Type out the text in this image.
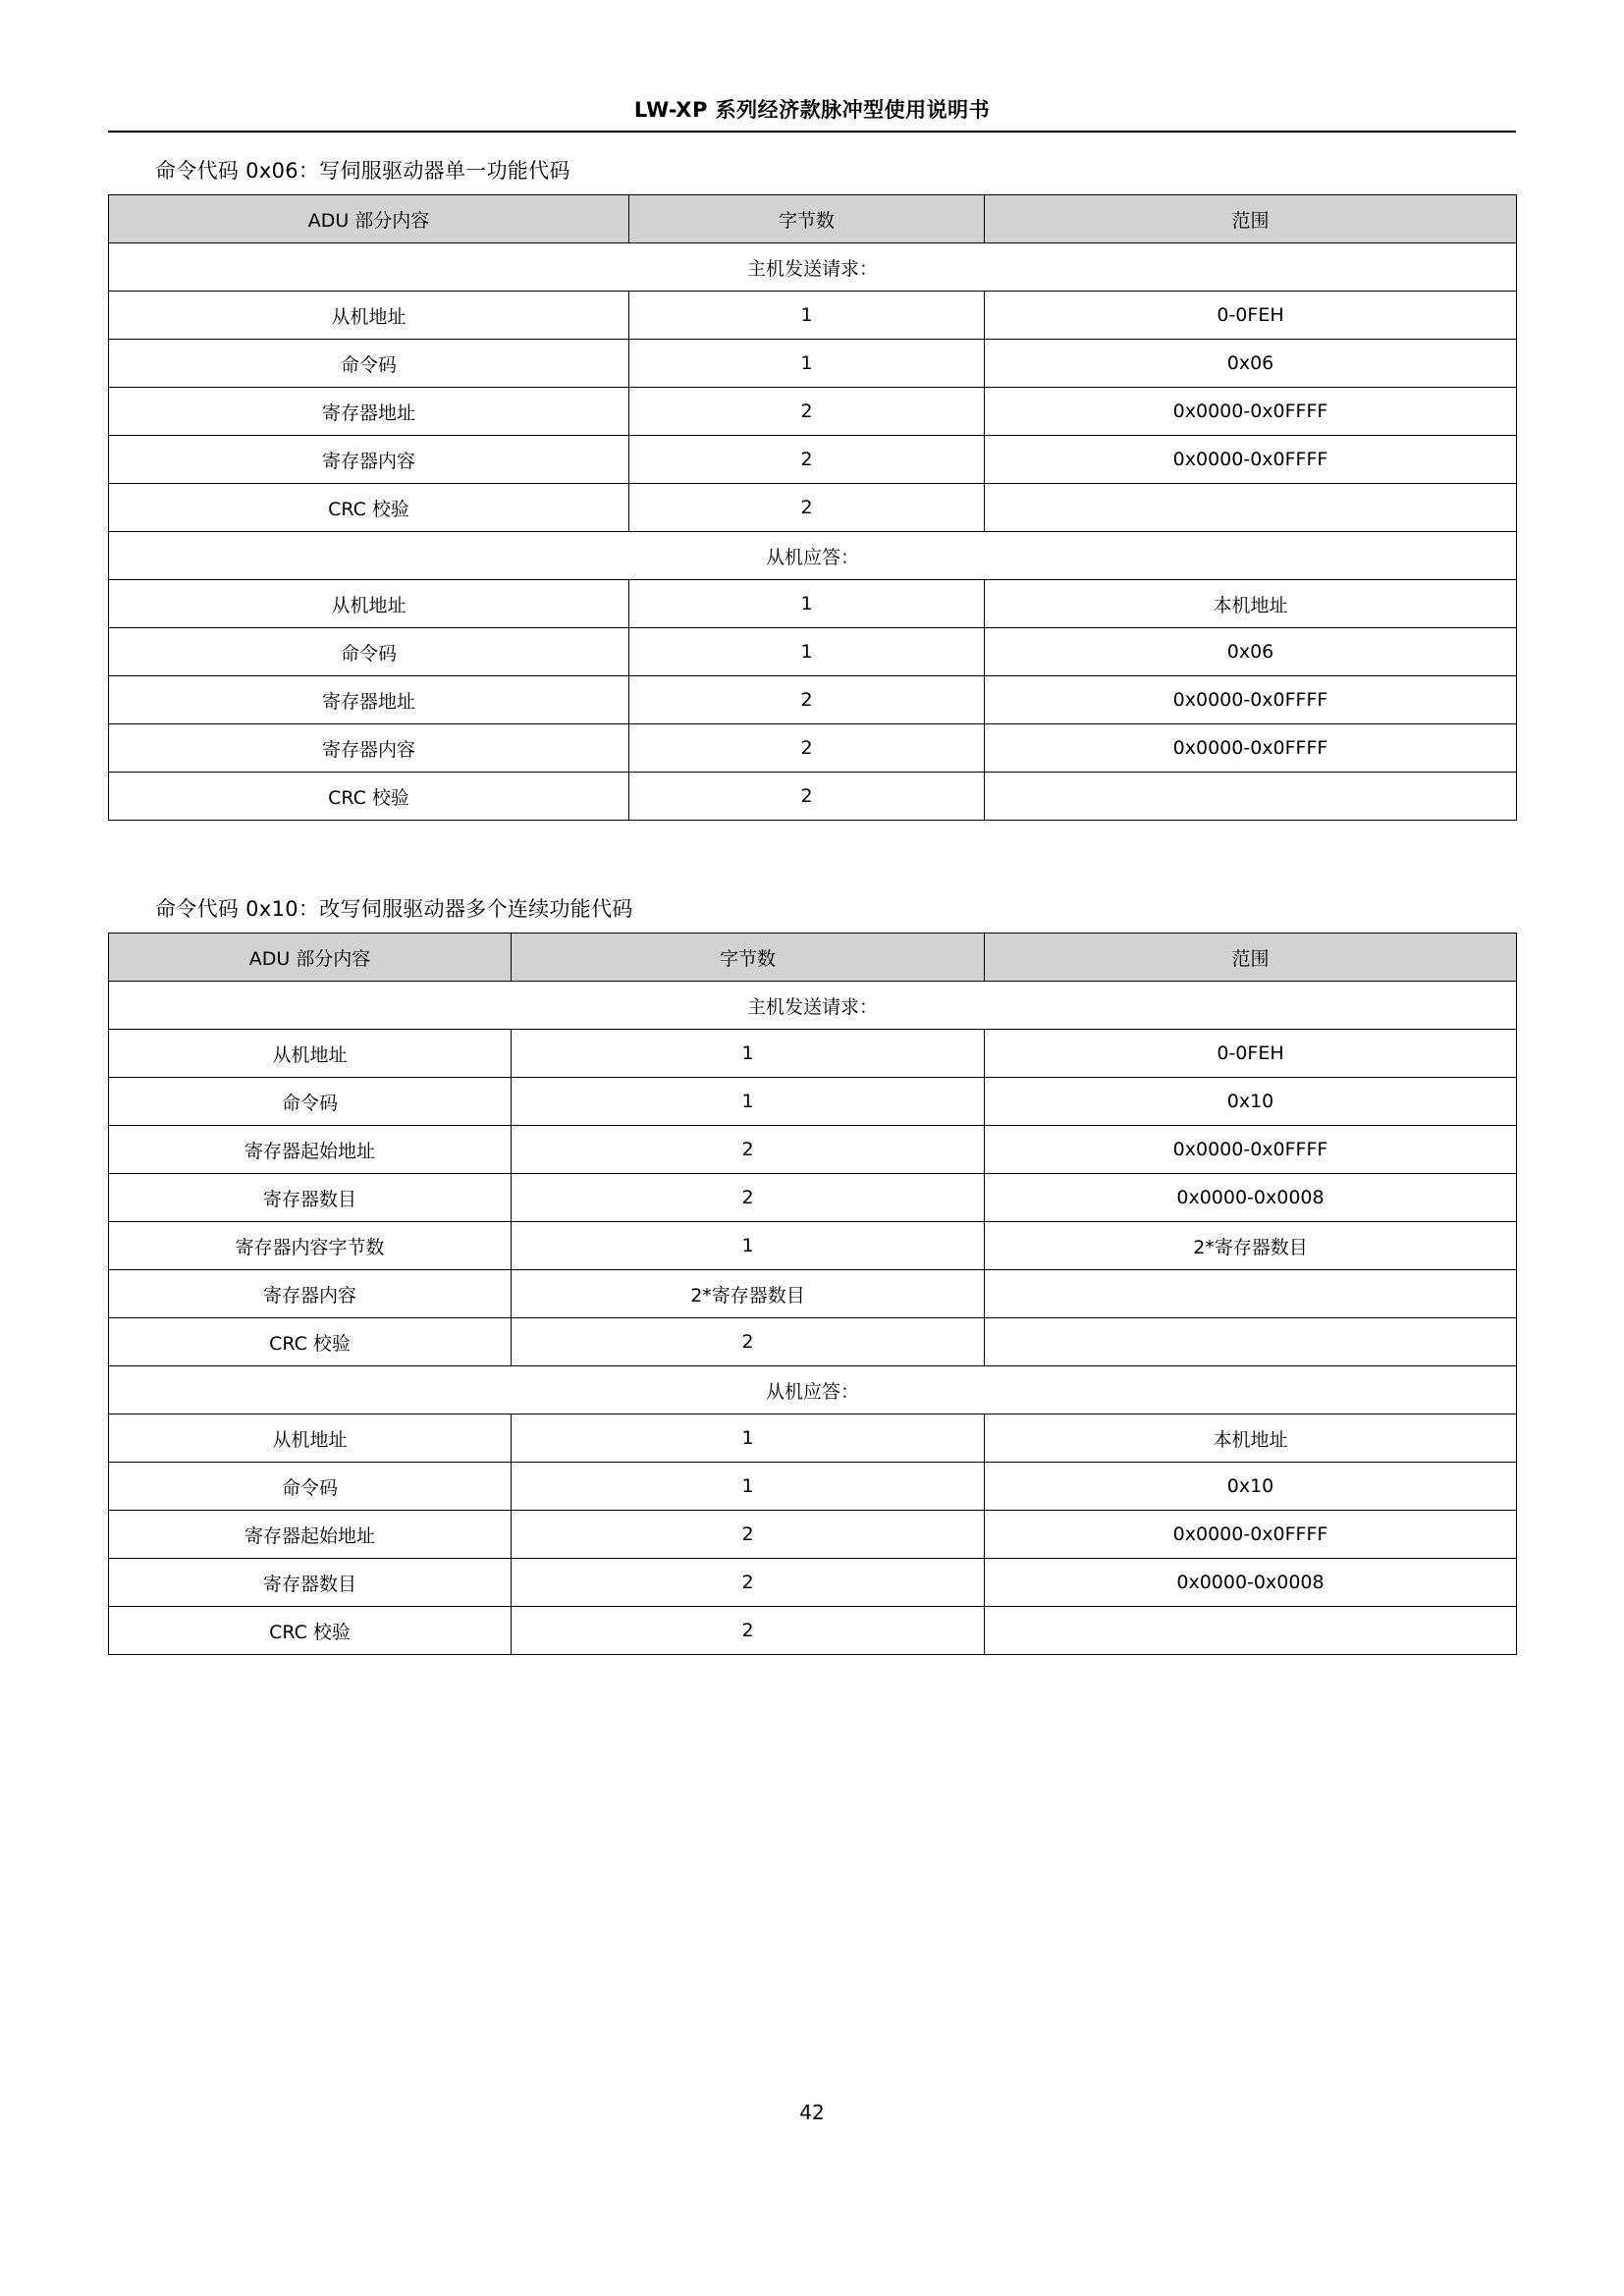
LW-XP 系列经济款脉冲型使用说明书
命令代码 0x06：写伺服驱动器单一功能代码
ADU 部分内容	字节数	范围
主机发送请求：		
从机地址	1	0-0FEH
命令码	1	0x06
寄存器地址	2	0x0000-0x0FFFF
寄存器内容	2	0x0000-0x0FFFF
CRC 校验	2	
从机应答：		
从机地址	1	本机地址
命令码	1	0x06
寄存器地址	2	0x0000-0x0FFFF
寄存器内容	2	0x0000-0x0FFFF
CRC 校验	2	
命令代码 0x10：改写伺服驱动器多个连续功能代码
ADU 部分内容	字节数	范围
主机发送请求：		
从机地址	1	0-0FEH
命令码	1	0x10
寄存器起始地址	2	0x0000-0x0FFFF
寄存器数目	2	0x0000-0x0008
寄存器内容字节数	1	2*寄存器数目
寄存器内容	2*寄存器数目	
CRC 校验	2	
从机应答：		
从机地址	1	本机地址
命令码	1	0x10
寄存器起始地址	2	0x0000-0x0FFFF
寄存器数目	2	0x0000-0x0008
CRC 校验	2	
42
